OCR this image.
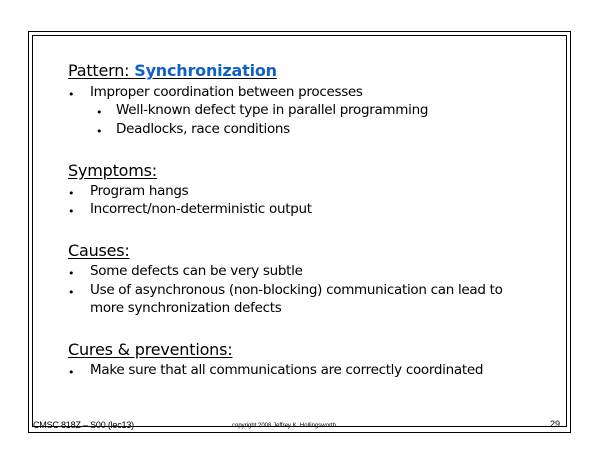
Pattern: Synchronization
• Improper coordination between processes
• Well-known defect type in parallel programming
• Deadlocks, race conditions
Symptoms:
• Program hangs
• Incorrect/non-deterministic output
Causes:
• Some defects can be very subtle
• Use of asynchronous (non-blocking) communication can lead to
more synchronization defects
Cures & preventions:
• Make sure that all communications are correctly coordinated
CMSC 818Z – S00 (lec13)	copyright 2008 Jeffrey K. Hollingsworth	29
